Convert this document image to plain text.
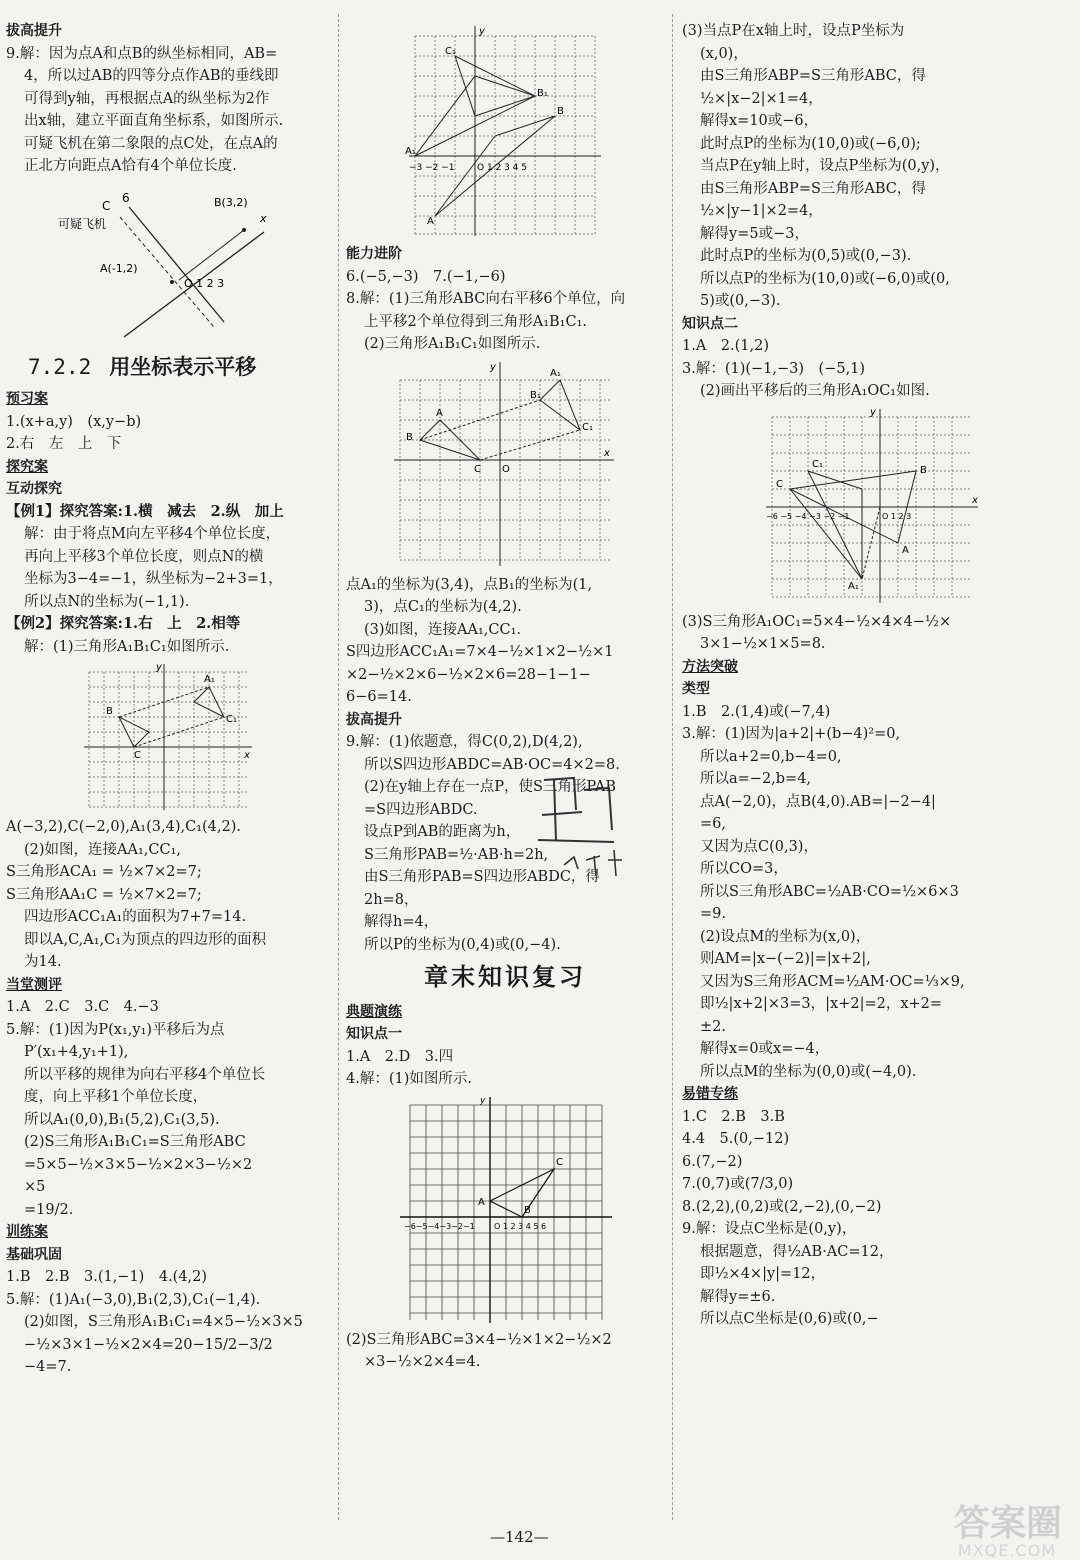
拔高提升
9.解：因为点A和点B的纵坐标相同，AB=
4，所以过AB的四等分点作AB的垂线即
可得到y轴，再根据点A的纵坐标为2作
出x轴，建立平面直角坐标系，如图所示.
可疑飞机在第二象限的点C处，在点A的
正北方向距点A恰有4个单位长度.
B(3,2)
C
6
可疑飞机
A(-1,2)
O 1 2 3
x
7.2.2 用坐标表示平移
预习案
1.(x+a,y)　(x,y−b)
2.右　左　上　下
探究案
互动探究
【例1】探究答案:1.横　减去　2.纵　加上
解：由于将点M向左平移4个单位长度，
再向上平移3个单位长度，则点N的横
坐标为3−4=−1，纵坐标为−2+3=1，
所以点N的坐标为(−1,1).
【例2】探究答案:1.右　上　2.相等
解：(1)三角形A₁B₁C₁如图所示.
B
C
A₁
C₁
y
x
A(−3,2),C(−2,0),A₁(3,4),C₁(4,2).
(2)如图，连接AA₁,CC₁,
S三角形ACA₁ = ½×7×2=7;
S三角形AA₁C = ½×7×2=7;
四边形ACC₁A₁的面积为7+7=14.
即以A,C,A₁,C₁为顶点的四边形的面积
为14.
当堂测评
1.A　2.C　3.C　4.−3
5.解：(1)因为P(x₁,y₁)平移后为点
P′(x₁+4,y₁+1),
所以平移的规律为向右平移4个单位长
度，向上平移1个单位长度，
所以A₁(0,0),B₁(5,2),C₁(3,5).
(2)S三角形A₁B₁C₁=S三角形ABC
=5×5−½×3×5−½×2×3−½×2
×5
=19/2.
训练案
基础巩固
1.B　2.B　3.(1,−1)　4.(4,2)
5.解：(1)A₁(−3,0),B₁(2,3),C₁(−1,4).
(2)如图，S三角形A₁B₁C₁=4×5−½×3×5
−½×3×1−½×2×4=20−15/2−3/2
−4=7.
A
B
A₁
B₁
C₁
y
−3 −2 −1 O 1 2 3 4 5
能力进阶
6.(−5,−3)　7.(−1,−6)
8.解：(1)三角形ABC向右平移6个单位，向
上平移2个单位得到三角形A₁B₁C₁.
(2)三角形A₁B₁C₁如图所示.
B
A
C
A₁
B₁
C₁
y
x
O
点A₁的坐标为(3,4)，点B₁的坐标为(1,
3)，点C₁的坐标为(4,2).
(3)如图，连接AA₁,CC₁.
S四边形ACC₁A₁=7×4−½×1×2−½×1
×2−½×2×6−½×2×6=28−1−1−
6−6=14.
拔高提升
9.解：(1)依题意，得C(0,2),D(4,2),
所以S四边形ABDC=AB·OC=4×2=8.
(2)在y轴上存在一点P，使S三角形PAB
=S四边形ABDC.
设点P到AB的距离为h，
S三角形PAB=½·AB·h=2h,
由S三角形PAB=S四边形ABDC，得
2h=8，
解得h=4，
所以P的坐标为(0,4)或(0,−4).
章末知识复习
典题演练
知识点一
1.A　2.D　3.四
4.解：(1)如图所示.
A
C
B
y
−6−5−4−3−2−1 O 1 2 3 4 5 6
(2)S三角形ABC=3×4−½×1×2−½×2
×3−½×2×4=4.
(3)当点P在x轴上时，设点P坐标为
(x,0)，
由S三角形ABP=S三角形ABC，得
½×|x−2|×1=4，
解得x=10或−6，
此时点P的坐标为(10,0)或(−6,0);
当点P在y轴上时，设点P坐标为(0,y)，
由S三角形ABP=S三角形ABC，得
½×|y−1|×2=4，
解得y=5或−3，
此时点P的坐标为(0,5)或(0,−3).
所以点P的坐标为(10,0)或(−6,0)或(0,
5)或(0,−3).
知识点二
1.A　2.(1,2)
3.解：(1)(−1,−3)　(−5,1)
(2)画出平移后的三角形A₁OC₁如图.
C
C₁
B
A
A₁
y
x
−6 −5 −4 −3 −2 −1	O 1 2 3
(3)S三角形A₁OC₁=5×4−½×4×4−½×
3×1−½×1×5=8.
方法突破
类型
1.B　2.(1,4)或(−7,4)
3.解：(1)因为|a+2|+(b−4)²=0,
所以a+2=0,b−4=0,
所以a=−2,b=4,
点A(−2,0)，点B(4,0).AB=|−2−4|
=6,
又因为点C(0,3)，
所以CO=3，
所以S三角形ABC=½AB·CO=½×6×3
=9.
(2)设点M的坐标为(x,0)，
则AM=|x−(−2)|=|x+2|,
又因为S三角形ACM=½AM·OC=⅓×9,
即½|x+2|×3=3，|x+2|=2，x+2=
±2.
解得x=0或x=−4，
所以点M的坐标为(0,0)或(−4,0).
易错专练
1.C　2.B　3.B
4.4　5.(0,−12)
6.(7,−2)
7.(0,7)或(7/3,0)
8.(2,2),(0,2)或(2,−2),(0,−2)
9.解：设点C坐标是(0,y)，
根据题意，得½AB·AC=12，
即½×4×|y|=12，
解得y=±6.
所以点C坐标是(0,6)或(0,−
—142—	答案圈
MXQE.COM
